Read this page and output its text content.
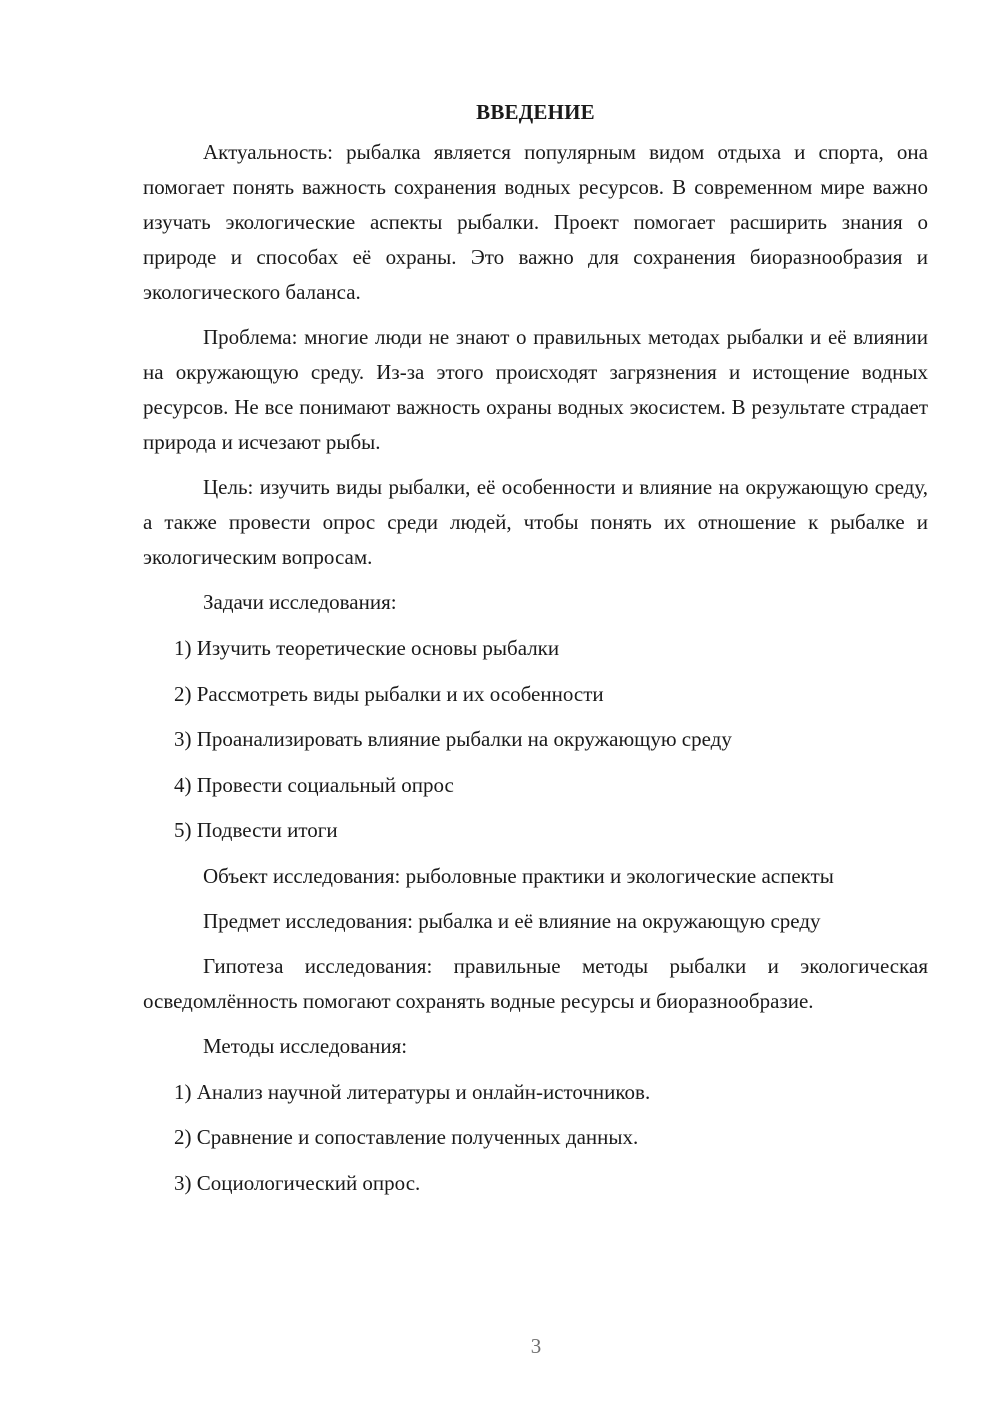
ВВЕДЕНИЕ

Актуальность: рыбалка является популярным видом отдыха и спорта, она помогает понять важность сохранения водных ресурсов. В современном мире важно изучать экологические аспекты рыбалки. Проект помогает расширить знания о природе и способах её охраны. Это важно для сохранения биоразнообразия и экологического баланса.

Проблема: многие люди не знают о правильных методах рыбалки и её влиянии на окружающую среду. Из-за этого происходят загрязнения и истощение водных ресурсов. Не все понимают важность охраны водных экосистем. В результате страдает природа и исчезают рыбы.

Цель: изучить виды рыбалки, её особенности и влияние на окружающую среду, а также провести опрос среди людей, чтобы понять их отношение к рыбалке и экологическим вопросам.

Задачи исследования:

1) Изучить теоретические основы рыбалки

2) Рассмотреть виды рыбалки и их особенности

3) Проанализировать влияние рыбалки на окружающую среду

4) Провести социальный опрос

5) Подвести итоги

Объект исследования: рыболовные практики и экологические аспекты

Предмет исследования: рыбалка и её влияние на окружающую среду

Гипотеза исследования: правильные методы рыбалки и экологическая осведомлённость помогают сохранять водные ресурсы и биоразнообразие.

Методы исследования:

1) Анализ научной литературы и онлайн-источников.

2) Сравнение и сопоставление полученных данных.

3) Социологический опрос.

3
